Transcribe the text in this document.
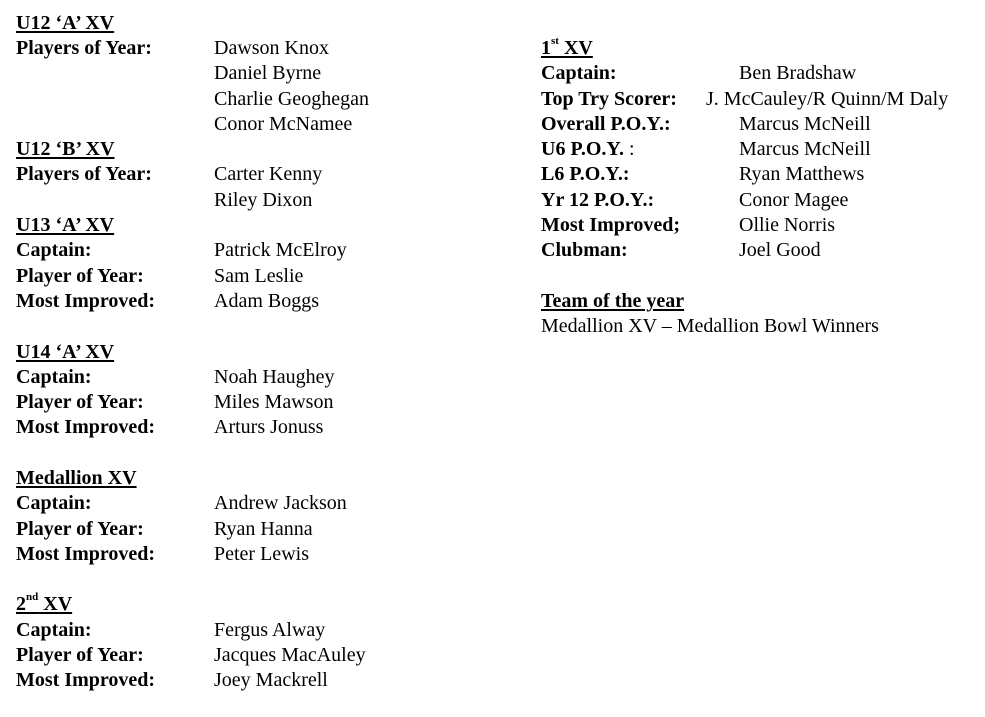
U12 ‘A’ XV
Players of Year:	Dawson Knox
Daniel Byrne
Charlie Geoghegan
Conor McNamee
U12 ‘B’ XV
Players of Year:	Carter Kenny
Riley Dixon
U13 ‘A’ XV
Captain:	Patrick McElroy
Player of Year:	Sam Leslie
Most Improved:	Adam Boggs
U14 ‘A’ XV
Captain:	Noah Haughey
Player of Year:	Miles Mawson
Most Improved:	Arturs Jonuss
Medallion XV
Captain:	Andrew Jackson
Player of Year:	Ryan Hanna
Most Improved:	Peter Lewis
2nd XV
Captain:	Fergus Alway
Player of Year:	Jacques MacAuley
Most Improved:	Joey Mackrell
1st XV
Captain:	Ben Bradshaw
Top Try Scorer: J. McCauley/R Quinn/M Daly
Overall P.O.Y.:	Marcus McNeill
U6 P.O.Y. :	Marcus McNeill
L6 P.O.Y.:	Ryan Matthews
Yr 12 P.O.Y.:	Conor Magee
Most Improved;	Ollie Norris
Clubman:	Joel Good
Team of the year
Medallion XV – Medallion Bowl Winners
